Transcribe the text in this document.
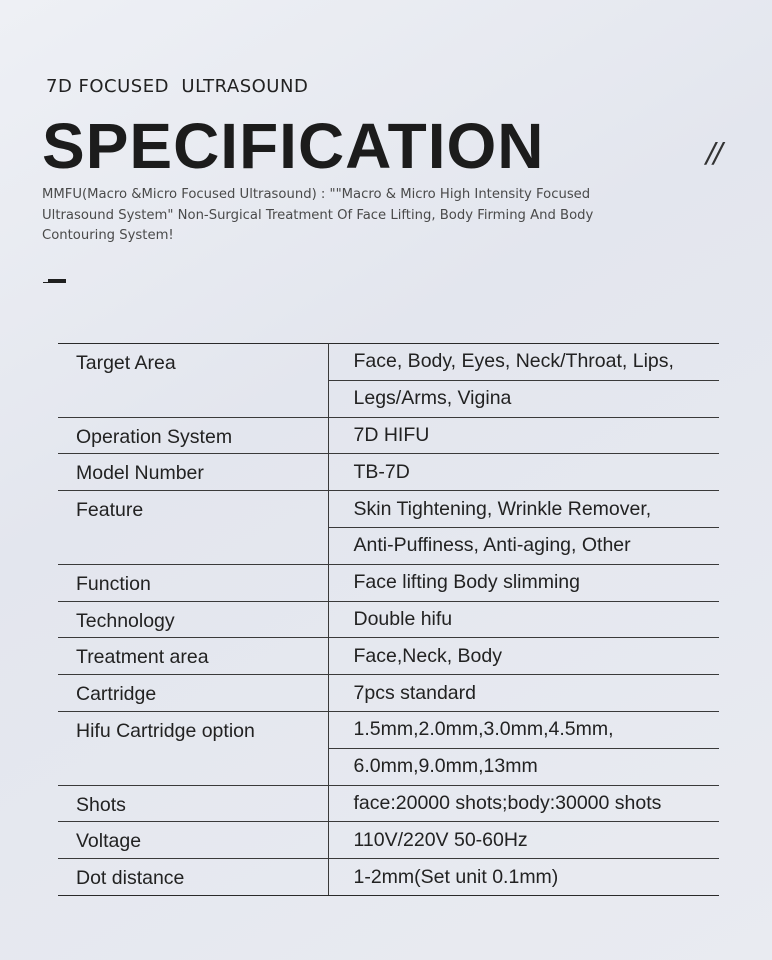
7D FOCUSED  ULTRASOUND
SPECIFICATION	//
MMFU(Macro &Micro Focused Ultrasound) : ""Macro & Micro High Intensity Focused Ultrasound System" Non-Surgical Treatment Of Face Lifting, Body Firming And Body Contouring System!
Target Area	Face, Body, Eyes, Neck/Throat, Lips,
	Legs/Arms, Vigina
Operation System	7D HIFU
Model Number	TB-7D
Feature	Skin Tightening, Wrinkle Remover,
	Anti-Puffiness, Anti-aging, Other
Function	Face lifting Body slimming
Technology	Double hifu
Treatment area	Face,Neck, Body
Cartridge	7pcs standard
Hifu Cartridge option	1.5mm,2.0mm,3.0mm,4.5mm,
	6.0mm,9.0mm,13mm
Shots	face:20000 shots;body:30000 shots
Voltage	110V/220V 50-60Hz
Dot distance	1-2mm(Set unit 0.1mm)
